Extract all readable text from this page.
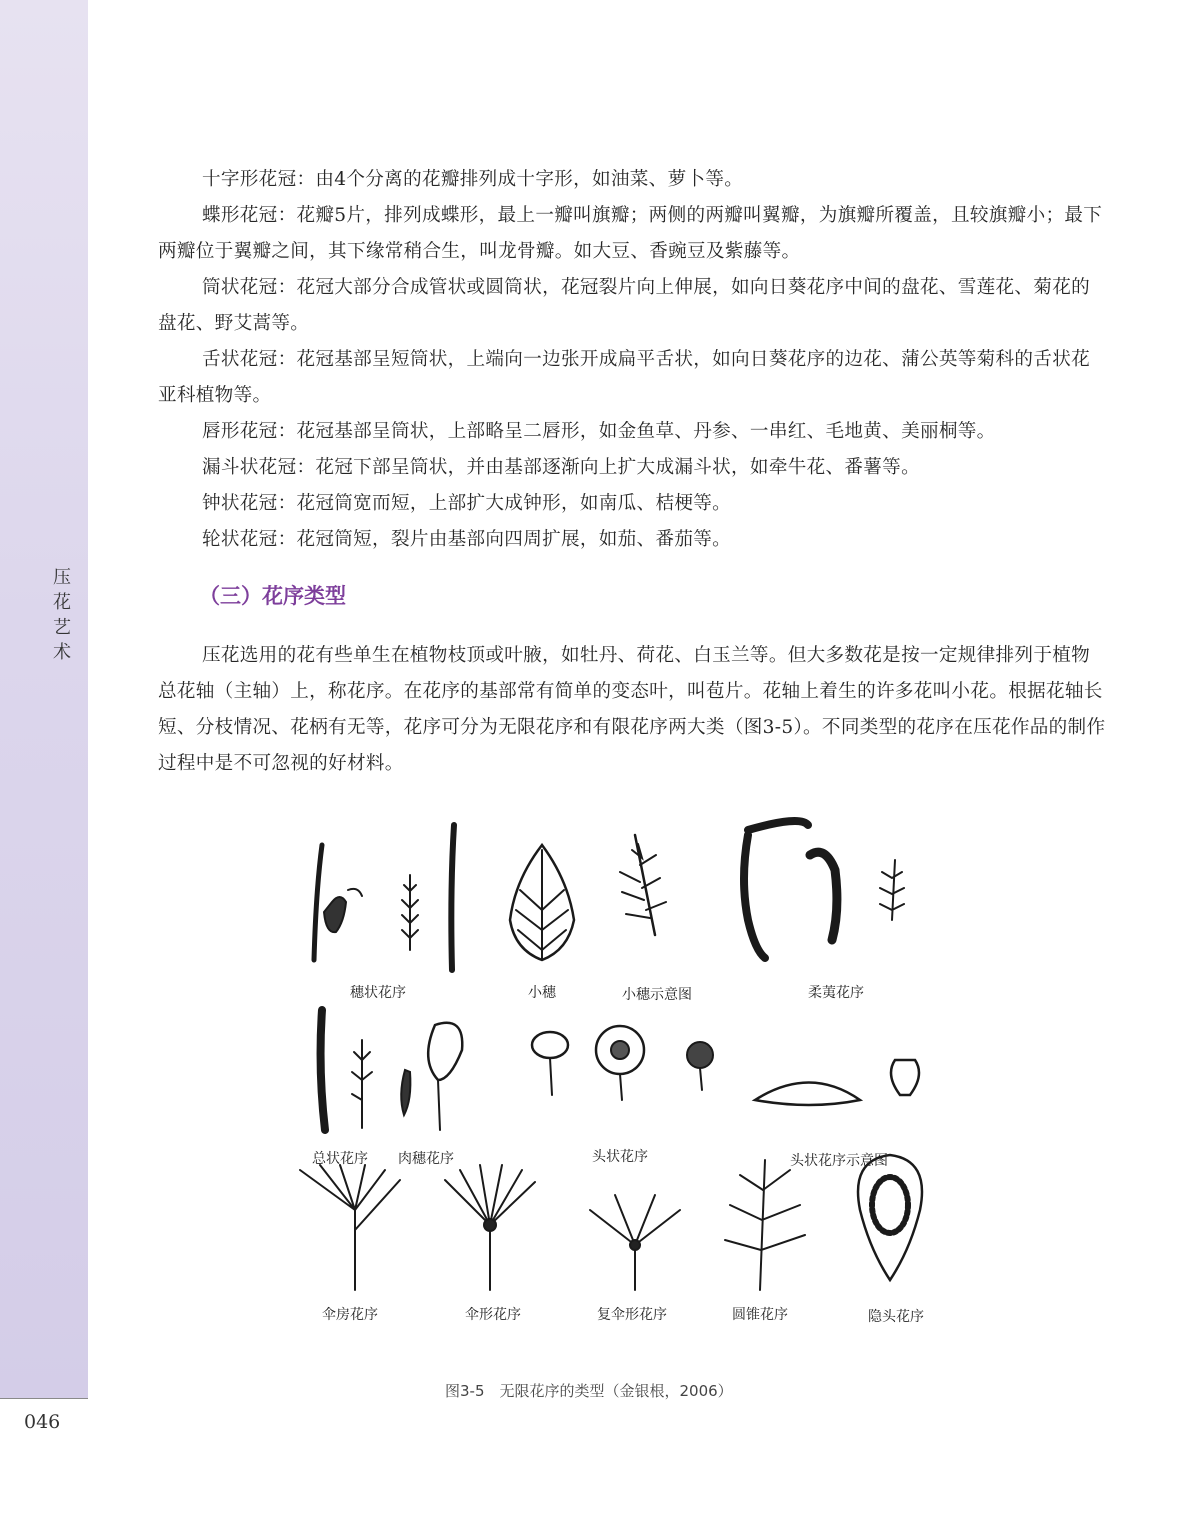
压花艺术
046

十字形花冠：由4个分离的花瓣排列成十字形，如油菜、萝卜等。

蝶形花冠：花瓣5片，排列成蝶形，最上一瓣叫旗瓣；两侧的两瓣叫翼瓣，为旗瓣所覆盖，且较旗瓣小；最下两瓣位于翼瓣之间，其下缘常稍合生，叫龙骨瓣。如大豆、香豌豆及紫藤等。

筒状花冠：花冠大部分合成管状或圆筒状，花冠裂片向上伸展，如向日葵花序中间的盘花、雪莲花、菊花的盘花、野艾蒿等。

舌状花冠：花冠基部呈短筒状，上端向一边张开成扁平舌状，如向日葵花序的边花、蒲公英等菊科的舌状花亚科植物等。

唇形花冠：花冠基部呈筒状，上部略呈二唇形，如金鱼草、丹参、一串红、毛地黄、美丽桐等。

漏斗状花冠：花冠下部呈筒状，并由基部逐渐向上扩大成漏斗状，如牵牛花、番薯等。

钟状花冠：花冠筒宽而短，上部扩大成钟形，如南瓜、桔梗等。

轮状花冠：花冠筒短，裂片由基部向四周扩展，如茄、番茄等。

（三）花序类型

压花选用的花有些单生在植物枝顶或叶腋，如牡丹、荷花、白玉兰等。但大多数花是按一定规律排列于植物总花轴（主轴）上，称花序。在花序的基部常有简单的变态叶，叫苞片。花轴上着生的许多花叫小花。根据花轴长短、分枝情况、花柄有无等，花序可分为无限花序和有限花序两大类（图3-5）。不同类型的花序在压花作品的制作过程中是不可忽视的好材料。

穗状花序	小穗	小穗示意图	柔荑花序
总状花序 肉穗花序	头状花序	头状花序示意图
伞房花序	伞形花序	复伞形花序	圆锥花序	隐头花序
图3-5　无限花序的类型（金银根，2006）
